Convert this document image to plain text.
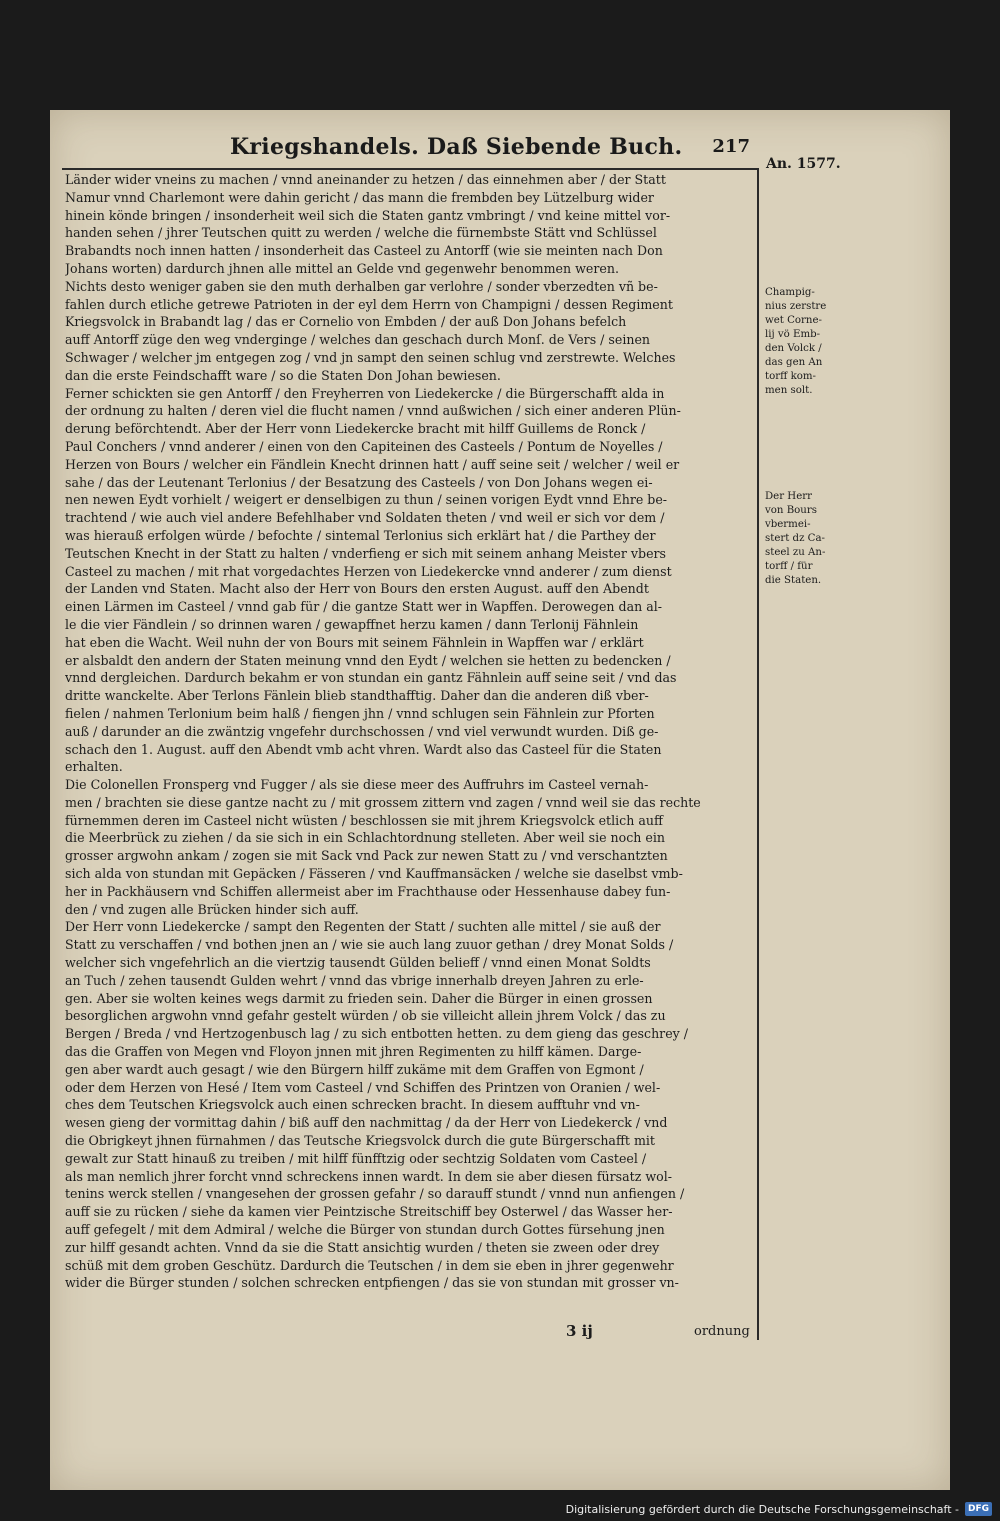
Kriegshandels. Daß Siebende Buch. 217
An. 1577.
Länder wider vneins zu machen / vnnd aneinander zu hetzen / das einnehmen aber / der Statt
Namur vnnd Charlemont were dahin gericht / das mann die frembden bey Lützelburg wider
hinein könde bringen / insonderheit weil sich die Staten gantz vmbringt / vnd keine mittel vor-
handen sehen / jhrer Teutschen quitt zu werden / welche die fürnembste Stätt vnd Schlüssel
Brabandts noch innen hatten / insonderheit das Casteel zu Antorff (wie sie meinten nach Don
Johans worten) dardurch jhnen alle mittel an Gelde vnd gegenwehr benommen weren.
Nichts desto weniger gaben sie den muth derhalben gar verlohre / sonder vberzedten vñ be-
fahlen durch etliche getrewe Patrioten in der eyl dem Herrn von Champigni / dessen Regiment
Kriegsvolck in Brabandt lag / das er Cornelio von Embden / der auß Don Johans befelch
auff Antorff züge den weg vnderginge / welches dan geschach durch Monſ. de Vers / seinen
Schwager / welcher jm entgegen zog / vnd jn sampt den seinen schlug vnd zerstrewte. Welches
dan die erste Feindschafft ware / so die Staten Don Johan bewiesen.
Ferner schickten sie gen Antorff / den Freyherren von Liedekercke / die Bürgerschafft alda in
der ordnung zu halten / deren viel die flucht namen / vnnd außwichen / sich einer anderen Plün-
derung beförchtendt. Aber der Herr vonn Liedekercke bracht mit hilff Guillems de Ronck /
Paul Conchers / vnnd anderer / einen von den Capiteinen des Casteels / Pontum de Noyelles /
Herzen von Bours / welcher ein Fändlein Knecht drinnen hatt / auff seine seit / welcher / weil er
sahe / das der Leutenant Terlonius / der Besatzung des Casteels / von Don Johans wegen ei-
nen newen Eydt vorhielt / weigert er denselbigen zu thun / seinen vorigen Eydt vnnd Ehre be-
trachtend / wie auch viel andere Befehlhaber vnd Soldaten theten / vnd weil er sich vor dem /
was hierauß erfolgen würde / befochte / sintemal Terlonius sich erklärt hat / die Parthey der
Teutschen Knecht in der Statt zu halten / vnderfieng er sich mit seinem anhang Meister vbers
Casteel zu machen / mit rhat vorgedachtes Herzen von Liedekercke vnnd anderer / zum dienst
der Landen vnd Staten. Macht also der Herr von Bours den ersten August. auff den Abendt
einen Lärmen im Casteel / vnnd gab für / die gantze Statt wer in Wapffen. Derowegen dan al-
le die vier Fändlein / so drinnen waren / gewapffnet herzu kamen / dann Terlonij Fähnlein
hat eben die Wacht. Weil nuhn der von Bours mit seinem Fähnlein in Wapffen war / erklärt
er alsbaldt den andern der Staten meinung vnnd den Eydt / welchen sie hetten zu bedencken /
vnnd dergleichen. Dardurch bekahm er von stundan ein gantz Fähnlein auff seine seit / vnd das
dritte wanckelte. Aber Terlons Fänlein blieb standthafftig. Daher dan die anderen diß vber-
fielen / nahmen Terlonium beim halß / fiengen jhn / vnnd schlugen sein Fähnlein zur Pforten
auß / darunder an die zwäntzig vngefehr durchschossen / vnd viel verwundt wurden. Diß ge-
schach den 1. August. auff den Abendt vmb acht vhren. Wardt also das Casteel für die Staten
erhalten.
Die Colonellen Fronsperg vnd Fugger / als sie diese meer des Auffruhrs im Casteel vernah-
men / brachten sie diese gantze nacht zu / mit grossem zittern vnd zagen / vnnd weil sie das rechte
fürnemmen deren im Casteel nicht wüsten / beschlossen sie mit jhrem Kriegsvolck etlich auff
die Meerbrück zu ziehen / da sie sich in ein Schlachtordnung stelleten. Aber weil sie noch ein
grosser argwohn ankam / zogen sie mit Sack vnd Pack zur newen Statt zu / vnd verschantzten
sich alda von stundan mit Gepäcken / Fässeren / vnd Kauffmansäcken / welche sie daselbst vmb-
her in Packhäusern vnd Schiffen allermeist aber im Frachthause oder Hessenhause dabey fun-
den / vnd zugen alle Brücken hinder sich auff.
Der Herr vonn Liedekercke / sampt den Regenten der Statt / suchten alle mittel / sie auß der
Statt zu verschaffen / vnd bothen jnen an / wie sie auch lang zuuor gethan / drey Monat Solds /
welcher sich vngefehrlich an die viertzig tausendt Gülden belieff / vnnd einen Monat Soldts
an Tuch / zehen tausendt Gulden wehrt / vnnd das vbrige innerhalb dreyen Jahren zu erle-
gen. Aber sie wolten keines wegs darmit zu frieden sein. Daher die Bürger in einen grossen
besorglichen argwohn vnnd gefahr gestelt würden / ob sie villeicht allein jhrem Volck / das zu
Bergen / Breda / vnd Hertzogenbusch lag / zu sich entbotten hetten. zu dem gieng das geschrey /
das die Graffen von Megen vnd Floyon jnnen mit jhren Regimenten zu hilff kämen. Darge-
gen aber wardt auch gesagt / wie den Bürgern hilff zukäme mit dem Graffen von Egmont /
oder dem Herzen von Hesé / Item vom Casteel / vnd Schiffen des Printzen von Oranien / wel-
ches dem Teutschen Kriegsvolck auch einen schrecken bracht. In diesem aufftuhr vnd vn-
wesen gieng der vormittag dahin / biß auff den nachmittag / da der Herr von Liedekerck / vnd
die Obrigkeyt jhnen fürnahmen / das Teutsche Kriegsvolck durch die gute Bürgerschafft mit
gewalt zur Statt hinauß zu treiben / mit hilff fünfftzig oder sechtzig Soldaten vom Casteel /
als man nemlich jhrer forcht vnnd schreckens innen wardt. In dem sie aber diesen fürsatz wol-
tenins werck stellen / vnangesehen der grossen gefahr / so darauff stundt / vnnd nun anfiengen /
auff sie zu rücken / siehe da kamen vier Peintzische Streitschiff bey Osterwel / das Wasser her-
auff gefegelt / mit dem Admiral / welche die Bürger von stundan durch Gottes fürsehung jnen
zur hilff gesandt achten. Vnnd da sie die Statt ansichtig wurden / theten sie zween oder drey
schüß mit dem groben Geschütz. Dardurch die Teutschen / in dem sie eben in jhrer gegenwehr
wider die Bürger stunden / solchen schrecken entpfiengen / das sie von stundan mit grosser vn-
Champig-
nius zerstre
wet Corne-
lij vö Emb-
den Volck /
das gen An
torff kom-
men solt.
Der Herr
von Bours
vbermei-
stert dz Ca-
steel zu An-
torff / für
die Staten.
3 ij	ordnung
Digitalisierung gefördert durch die Deutsche Forschungsgemeinschaft -	DFG
